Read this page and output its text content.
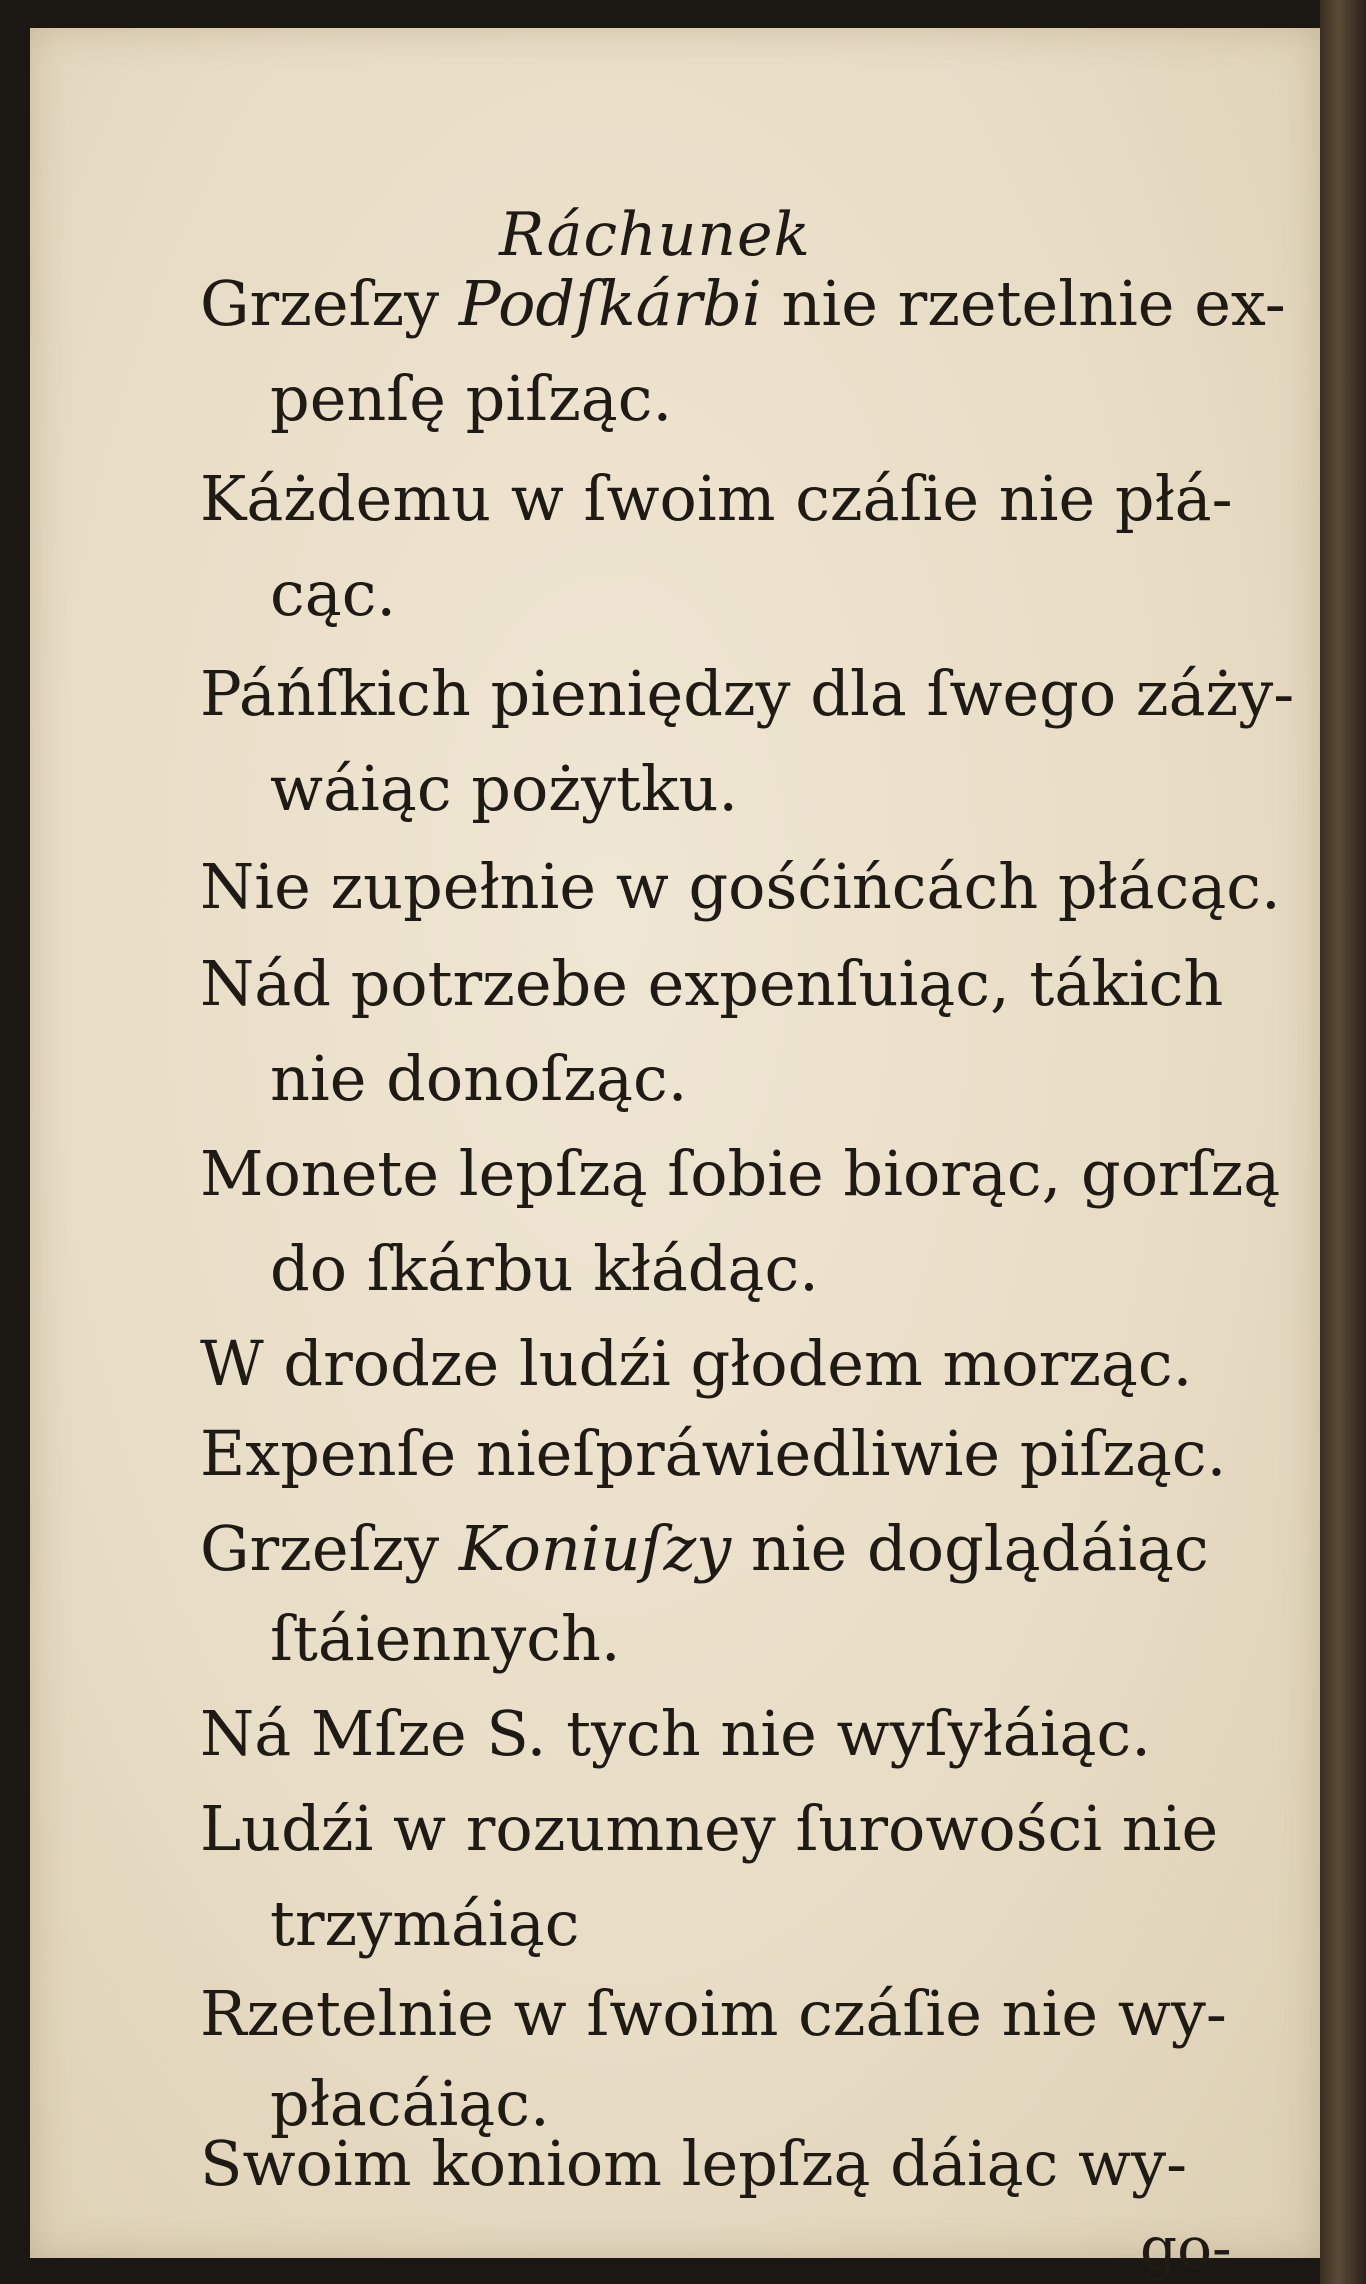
Ráchunek
Grzeſzy Podſkárbi nie rzetelnie ex-
penſę piſząc.
Káżdemu w ſwoim czáſie nie płá-
cąc.
Páńſkich pieniędzy dla ſwego záży-
wáiąc pożytku.
Nie zupełnie w gośćińcách płácąc.
Nád potrzebe expenſuiąc, tákich
nie donoſząc.
Monete lepſzą ſobie biorąc, gorſzą
do ſkárbu kłádąc.
W drodze ludźi głodem morząc.
Expenſe nieſpráwiedliwie piſząc.
Grzeſzy Koniuſzy nie doglądáiąc
ſtáiennych.
Ná Mſze S. tych nie wyſyłáiąc.
Ludźi w rozumney ſurowości nie
trzymáiąc
Rzetelnie w ſwoim czáſie nie wy-
płacáiąc.
Swoim koniom lepſzą dáiąc wy-
go-
